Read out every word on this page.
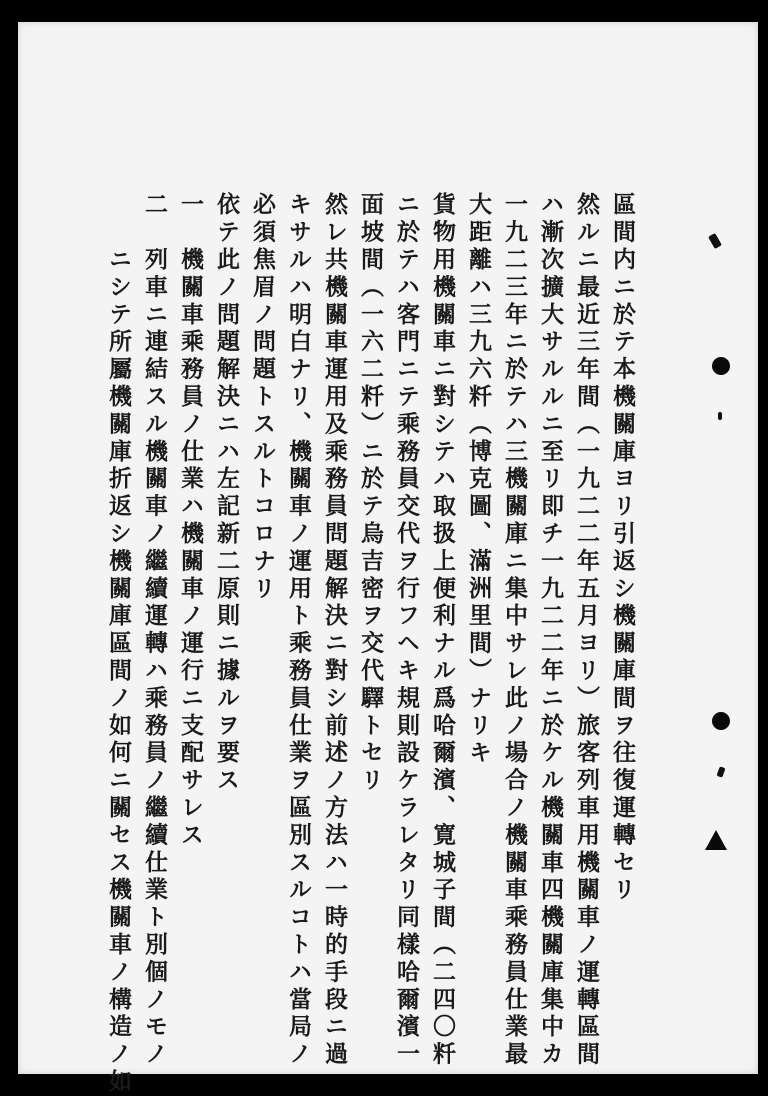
區間内ニ於テ本機關庫ヨリ引返シ機關庫間ヲ往復運轉セリ
然ルニ最近三年間（一九二二年五月ヨリ）旅客列車用機關車ノ運轉區間
ハ漸次擴大サルルニ至リ即チ一九二二年ニ於ケル機關車四機關庫集中カ
一九二三年ニ於テハ三機關庫ニ集中サレ此ノ場合ノ機關車乘務員仕業最
大距離ハ三九六粁（博克圖、滿洲里間）ナリキ
貨物用機關車ニ對シテハ取扱上便利ナル爲哈爾濱、寛城子間（二四〇粁
ニ於テハ客門ニテ乘務員交代ヲ行フヘキ規則設ケラレタリ同樣哈爾濱一
面坡間（一六二粁）ニ於テ烏吉密ヲ交代驛トセリ
然レ共機關車運用及乘務員問題解決ニ對シ前述ノ方法ハ一時的手段ニ過
キサルハ明白ナリ、機關車ノ運用ト乘務員仕業ヲ區別スルコトハ當局ノ
必須焦眉ノ問題トスルトコロナリ
依テ此ノ問題解決ニハ左記新二原則ニ據ルヲ要ス
一　機關車乘務員ノ仕業ハ機關車ノ運行ニ支配サレス
二　列車ニ連結スル機關車ノ繼續運轉ハ乘務員ノ繼續仕業ト別個ノモノ
　　ニシテ所屬機關庫折返シ機關庫區間ノ如何ニ關セス機關車ノ構造ノ如
